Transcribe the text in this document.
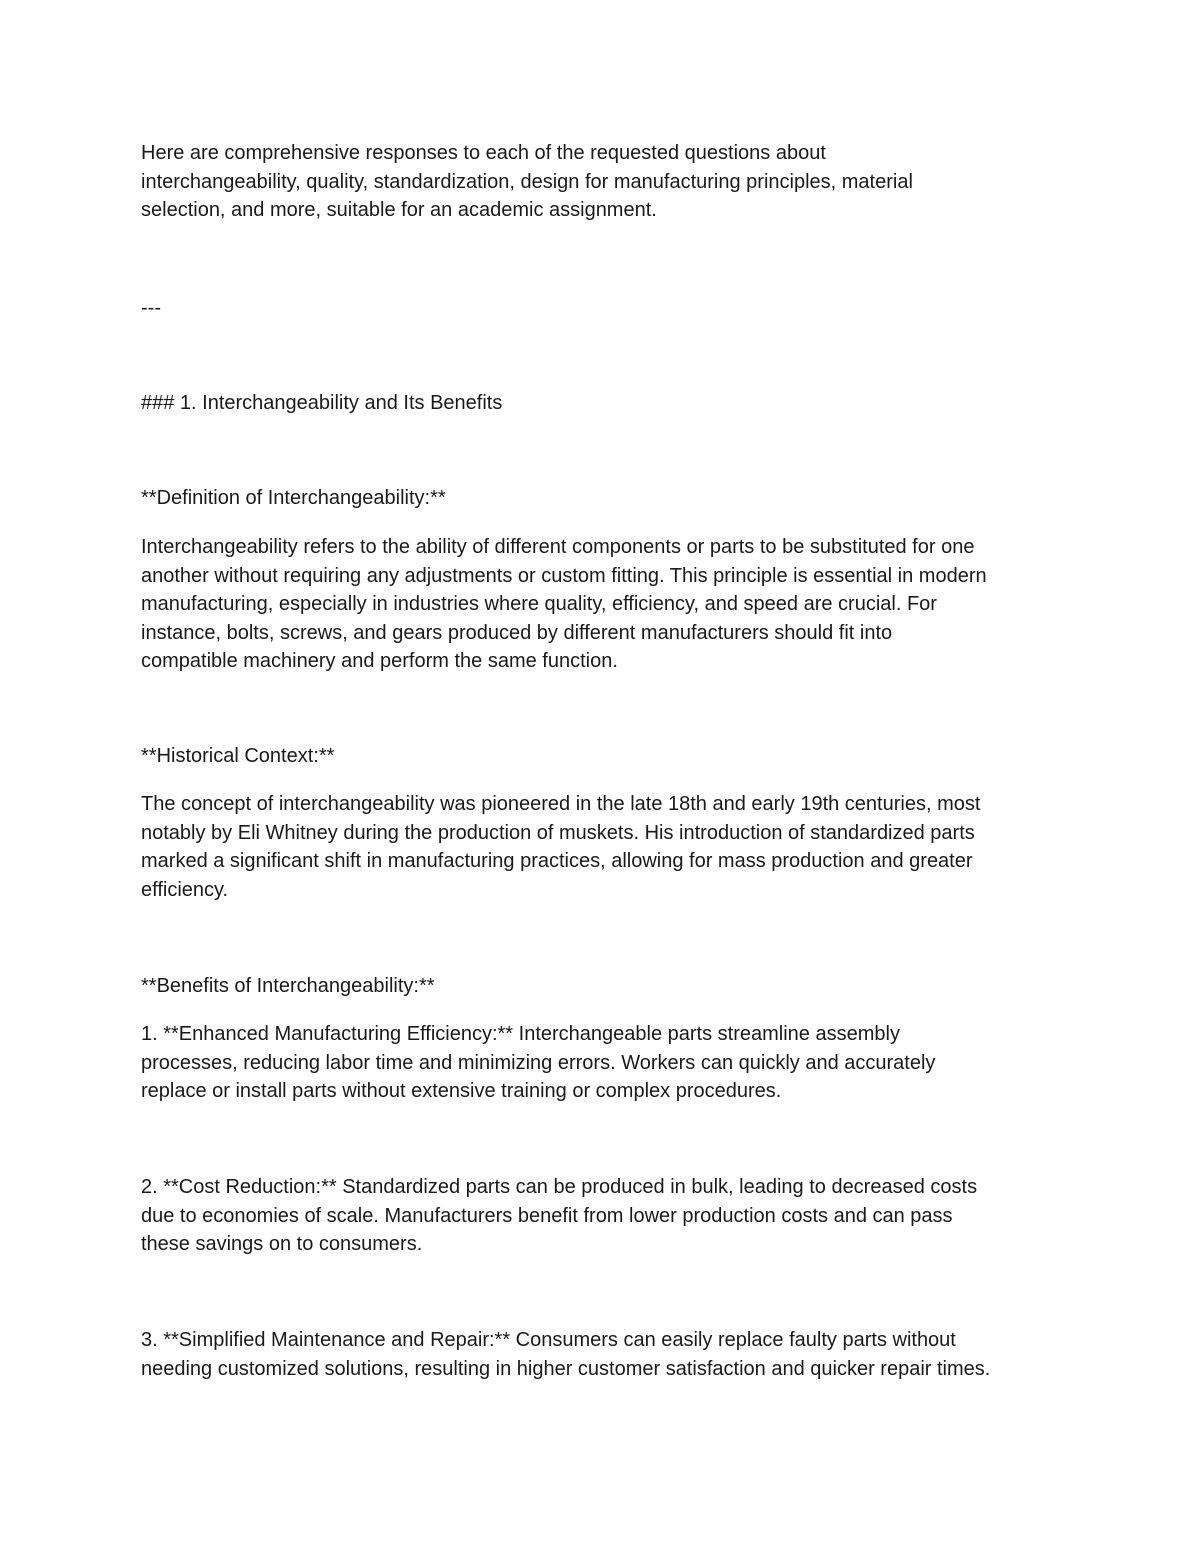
Here are comprehensive responses to each of the requested questions about
interchangeability, quality, standardization, design for manufacturing principles, material
selection, and more, suitable for an academic assignment.

---

### 1. Interchangeability and Its Benefits

**Definition of Interchangeability:**

Interchangeability refers to the ability of different components or parts to be substituted for one
another without requiring any adjustments or custom fitting. This principle is essential in modern
manufacturing, especially in industries where quality, efficiency, and speed are crucial. For
instance, bolts, screws, and gears produced by different manufacturers should fit into
compatible machinery and perform the same function.

**Historical Context:**

The concept of interchangeability was pioneered in the late 18th and early 19th centuries, most
notably by Eli Whitney during the production of muskets. His introduction of standardized parts
marked a significant shift in manufacturing practices, allowing for mass production and greater
efficiency.

**Benefits of Interchangeability:**

1. **Enhanced Manufacturing Efficiency:** Interchangeable parts streamline assembly
processes, reducing labor time and minimizing errors. Workers can quickly and accurately
replace or install parts without extensive training or complex procedures.

2. **Cost Reduction:** Standardized parts can be produced in bulk, leading to decreased costs
due to economies of scale. Manufacturers benefit from lower production costs and can pass
these savings on to consumers.

3. **Simplified Maintenance and Repair:** Consumers can easily replace faulty parts without
needing customized solutions, resulting in higher customer satisfaction and quicker repair times.
